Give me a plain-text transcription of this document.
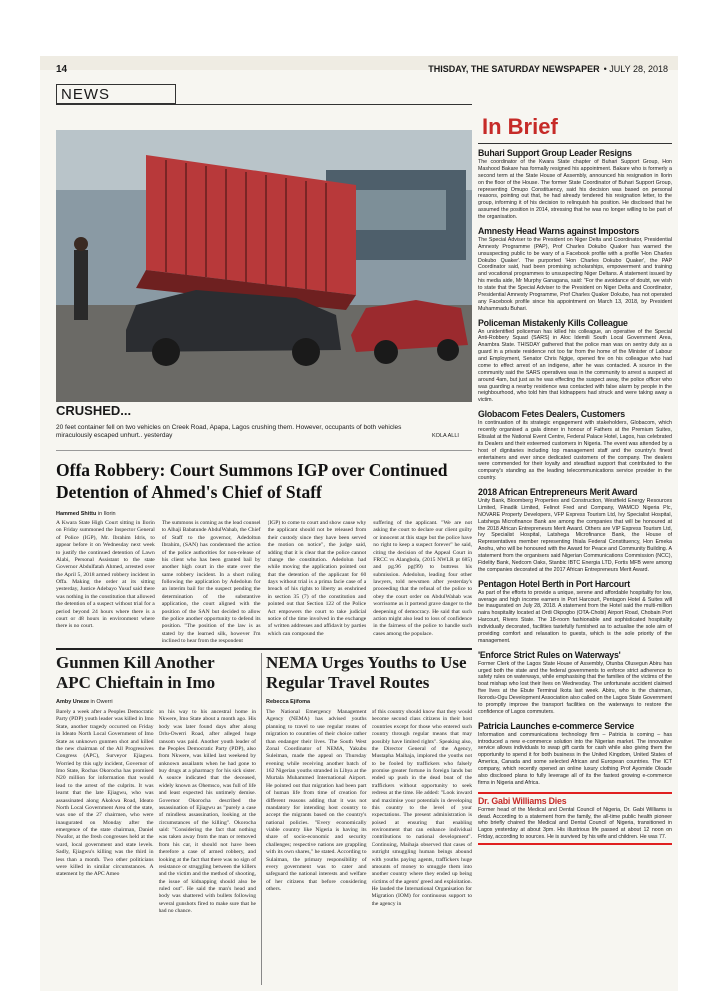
14	THISDAY, THE SATURDAY NEWSPAPER • JULY 28, 2018
NEWS
CRUSHED...
20 feet container fell on two vehicles on Creek Road, Apapa, Lagos crushing them. However, occupants of both vehicles miraculously escaped unhurt.. yesterday	KOLA ALLI
Offa Robbery: Court Summons IGP over Continued Detention of Ahmed's Chief of Staff
Hammed Shittu in Ilorin
A Kwara State High Court sitting in Ilorin on Friday summoned the Inspector General of Police (IGP), Mr. Ibrahim Idris, to appear before it on Wednesday next week to justify the continued detention of Lawn Alabi, Personal Assistant to the state Governor Abdulfatah Ahmed, arrested over the April 5, 2018 armed robbery incident in Offa. Making the order at its sitting yesterday, Justice Adebayo Yusuf said there was nothing in the constitution that allowed the detention of a suspect without trial for a period beyond 24 hours where there is a court or 48 hours in environment where there is no court.
The summons is coming as the lead counsel to Alhaji Babatunde AbdulWahab, the Chief of Staff to the governor, Adedoltun Ibrahim, (SAN) has condemned the action of the police authorities for non-release of his client who has been granted bail by another high court in the state over the same robbery incident. In a short ruling following the application by Adedolun for an interim bail for the suspect pending the determination of the substantive application, the court aligned with the position of the SAN but decided to allow the police another opportunity to defend its position. "The position of the law is as stated by the learned silk, however I'm inclined to hear from the respondent
(IGP) to come to court and show cause why the applicant should not be released from their custody since they have been served the motion on notice", the judge said, adding that it is clear that the police cannot change the constitution. Adedolun had while moving the application pointed out that the detention of the applicant for 60 days without trial is a prima facie case of a breach of his rights to liberty as enshrined in section 35 (7) of the constitution and pointed out that Section 122 of the Police Act empowers the court to take judicial notice of the time involved in the exchange of written addresses and affidavit by parties which can compound the
suffering of the applicant. "We are not asking the court to declare our client guilty or innocent at this stage but the police have no right to keep a suspect forever" he said, citing the decision of the Appeal Court in FRCC vs Alangbola, (2015 NWLR pt 685) and pg.96 pg(99) to buttress his submission. Adedolun, leading four other lawyers, told newsmen after yesterday's proceeding that the refusal of the police to obey the court order on AbdulWahab was worrisome as it portend grave danger to the deepening of democracy. He said that such action might also lead to loss of confidence in the fairness of the police to handle such cases among the populace.
Gunmen Kill Another APC Chieftain in Imo
Amby Uneze in Owerri
Barely a week after a Peoples Democratic Party (PDP) youth leader was killed in Imo State, another tragedy occurred on Friday in Ideato North Local Government of Imo State as unknown gunmen shot and killed the new chairman of the All Progressives Congress (APC), Surveyor Ejiagwu. Worried by this ugly incident, Governor of Imo State, Rochas Okorocha has promised N20 million for information that would lead to the arrest of the culprits. It was learnt that the late Ejiagwu, who was assassinated along Akokwa Road, Ideato North Local Government Area of the state, was one of the 27 chairmen, who were inaugurated on Monday after the emergence of the state chairman, Daniel Nwafor, at the fresh congresses held at the ward, local government and state levels. Sadly, Ejiagwu's killing was the third in less than a month. Two other politicians were killed in similar circumstances. A statement by the APC Ameo
on his way to his ancestral home in Nkwere, Imo State about a month ago. His body was later found days after along Orlu-Owerri Road, after alleged huge ransom was paid. Another youth leader of the Peoples Democratic Party (PDP), also from Nkwere, was killed last weekend by unknown assailants when he had gone to buy drugs at a pharmacy for his sick sister. A source indicated that the deceased, widely known as Ohemsco, was full of life and least expected his untimely demise. Governor Okorocha described the assassination of Ejiagwu as "purely a case of mindless assassination, looking at the circumstances of the killing". Okorocha said: "Considering the fact that nothing was taken away from the man or removed from his car, it should not have been therefore a case of armed robbery, and looking at the fact that there was no sign of resistance or struggling between the killers and the victim and the method of shooting, the issue of kidnapping should also be ruled out". He said the man's head and body was shattered with bullets following several gunshots fired to make sure that he had no chance.
NEMA Urges Youths to Use Regular Travel Routes
Rebecca Ejifoma
The National Emergency Management Agency (NEMA) has advised youths planning to travel to use regular routes of migration to countries of their choice rather than endanger their lives. The South West Zonal Coordinator of NEMA, Yakubu Suleiman, made the appeal on Thursday evening while receiving another batch of 162 Nigerian youths stranded in Libya at the Murtala Muhammed International Airport. He pointed out that migration had been part of human life from time of creation for different reasons adding that it was not mandatory for intending host country to accept the migrants based on the country's national policies. "Every economically viable country like Nigeria is having its share of socio-economic and security challenges; respective nations are grappling with its own shares," he stated. According to Sulaiman, the primary responsibility of every government was to cater and safeguard the national interests and welfare of her citizens that before considering others.
of this country should know that they would become second class citizens in their host countries except for those who entered such country through regular means that may possibly have limited rights". Speaking also, the Director General of the Agency, Mustapha Maihaja, implored the youths not to be fooled by traffickers who falsely promise greater fortune in foreign lands but ended up push in the dead boat of the traffickers without opportunity to seek redress at the time. He added: "Look inward and maximise your potentials in developing this country to the level of your expectations. The present administration is poised at ensuring that enabling environment that can enhance individual contributions to national development". Continuing, Maihaja observed that cases of outright smuggling human beings abound with youths paying agents, traffickers huge amounts of money to smuggle them into another country where they ended up being victims of the agents' greed and exploitation. He lauded the International Organisation for Migration (IOM) for continuous support to the agency in
In Brief
Buhari Support Group Leader Resigns

The coordinator of the Kwara State chapter of Buhari Support Group, Hon Mashood Bakare has formally resigned his appointment. Bakare who is formerly a second term at the State House of Assembly, announced his resignation in Ilorin on the floor of the House. The former State Coordinator of Buhari Support Group, representing Omupo Constituency, said his decision was based on personal reasons, pointing out that, he had already tendered his resignation letter, to the group, informing it of his decision to relinquish his position. He disclosed that he assumed the position in 2014, stressing that he was no longer willing to be part of the organisation.

Amnesty Head Warns against Impostors

The Special Adviser to the President on Niger Delta and Coordinator, Presidential Amnesty Programme (PAP), Prof Charles Dokubo Quaker has warned the unsuspecting public to be wary of a Facebook profile with a profile 'Hon Charles Dokubo Quaker'. The purported 'Hon Charles Dokubo Quaker', the PAP Coordinator said, had been promising scholarships, empowerment and training and vocational programmes to unsuspecting Niger Deltans. A statement issued by his media aide, Mr Murphy Ganagana, said: "For the avoidance of doubt, we wish to state that the Special Adviser to the President on Niger Delta and Coordinator, Presidential Amnesty Programme, Prof Charles Quaker Dokubo, has not operated any Facebook profile since his appointment on March 13, 2018, by President Muhammadu Buhari.

Policeman Mistakenly Kills Colleague

An unidentified policeman has killed his colleague, an operative of the Special Anti-Robbery Squad (SARS) in Aloc Idemili South Local Government Area, Anambra State. THISDAY gathered that the police man was on sentry duty as a guard in a private residence not too far from the home of the Minister of Labour and Employment, Senator Chris Ngige, opened fire on his colleague who had come to effect arrest of an indigene, after he was contacted. A source in the community said the SARS operatives was in the community to arrest a suspect at around 4am, but just as he was effecting the suspect away, the police officer who was guarding a nearby residence was contacted with false alarm by people in the neighbourhood, who told him that kidnappers had struck and were taking away a victim.

Globacom Fetes Dealers, Customers

In continuation of its strategic engagement with stakeholders, Globacom, which recently organised a gala dinner in honour of Fathers at the Premium Suites, Etisalat at the National Event Centre, Federal Palace Hotel, Lagos, has celebrated its Dealers and their esteemed customers in Nigeria. The event was attended by a host of dignitaries including top management staff and the country's finest entertainers and ever since dedicated customers of the company. The dealers were commended for their loyalty and steadfast support that contributed to the company's standing as the leading telecommunications service provider in the country.

2018 African Entrepreneurs Merit Award

Unity Bank, Bloomberg Properties and Construction, Westfield Energy Resources Limited, Finadik Limited, Felinot Fred and Company, WAMCO Nigeria Plc, NOVARE Property Developers, VFP Express Tourism Ltd, Ivy Specialist Hospital, Latshega Microfinance Bank are among the companies that will be honoured at the 2018 African Entrepreneurs Merit Award. Others are VIP Express Tourism Ltd, Ivy Specialist Hospital, Latshega Microfinance Bank, the House of Representatives member representing Ihiala Federal Constituency, Hon Emeka Anohu, who will be honoured with the Award for Peace and Community Building. A statement from the organisers said Nigerian Communications Commission (NCC), Fidelity Bank, Nedcom Oaks, Stanbic IBTC Energia LTD, Fortis MFB were among the companies decorated at the 2017 African Entrepreneurs Merit Award.

Pentagon Hotel Berth in Port Harcourt

As part of the efforts to provide a unique, serene and affordable hospitality for low, average and high income earners in Port Harcourt, Pentagon Hotel & Suites will be inaugurated on July 28, 2018. A statement from the Hotel said the multi-million naira hospitality located at Ordi Okpogbo (OTA-Chobi) Airport Road, Chobain Port Harcourt, Rivers State. The 18-room fashionable and sophisticated hospitality individually decorated, facilities tastefully furnished as to actualise the sole aim of providing comfort and relaxation to guests, which is the sole priority of the management.

'Enforce Strict Rules on Waterways'

Former Clerk of the Lagos State House of Assembly, Otunba Olusegun Abiru has urged both the state and the federal governments to enforce strict adherence to safety rules on waterways, while emphasising that the families of the victims of the boat mishap who lost their lives on Wednesday. The unfortunate accident claimed five lives at the Ebute Terminal Ikota last week. Abiru, who is the chairman, Ikorodu-Ogu Development Association also called on the Lagos State Government to promptly improve the transport facilities on the waterways to restore the confidence of Lagos commuters.

Patricia Launches e-commerce Service

Information and communications technology firm – Patricia is coming – has introduced a new e-commerce solution into the Nigerian market. The innovative service allows individuals to swap gift cards for cash while also giving them the opportunity to spend it for both business in the United Kingdom, United States of America, Canada and some selected African and European countries. The ICT company, which recently opened an online luxury clothing Prof Ayomide Oloade also disclosed plans to fully leverage all of its the fastest growing e-commerce firms in Nigeria and Africa.

Dr. Gabi Williams Dies

Former head of the Medical and Dental Council of Nigeria, Dr. Gabi Williams is dead. According to a statement from the family, the all-time public health pioneer who briefly chaired the Medical and Dental Council of Nigeria, transitioned in Lagos yesterday at about 3pm. His illustrious life passed at about 12 noon on Friday, according to sources. He is survived by his wife and children. He was 77.
